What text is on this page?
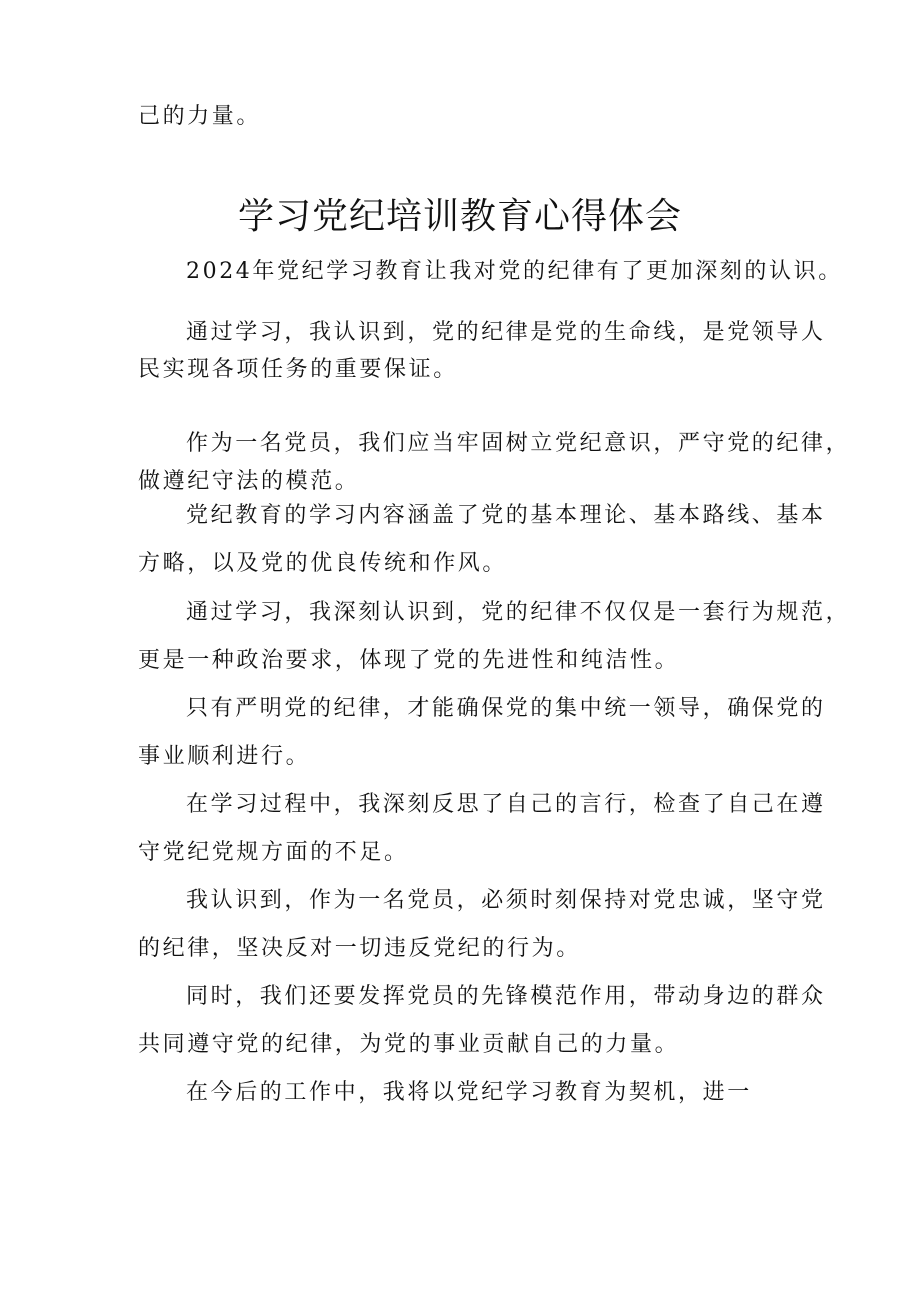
己的力量。

学习党纪培训教育心得体会

2024年党纪学习教育让我对党的纪律有了更加深刻的认识。

通过学习，我认识到，党的纪律是党的生命线，是党领导人

民实现各项任务的重要保证。

作为一名党员，我们应当牢固树立党纪意识，严守党的纪律，

做遵纪守法的模范。

党纪教育的学习内容涵盖了党的基本理论、基本路线、基本

方略，以及党的优良传统和作风。

通过学习，我深刻认识到，党的纪律不仅仅是一套行为规范，

更是一种政治要求，体现了党的先进性和纯洁性。

只有严明党的纪律，才能确保党的集中统一领导，确保党的

事业顺利进行。

在学习过程中，我深刻反思了自己的言行，检查了自己在遵

守党纪党规方面的不足。

我认识到，作为一名党员，必须时刻保持对党忠诚，坚守党

的纪律，坚决反对一切违反党纪的行为。

同时，我们还要发挥党员的先锋模范作用，带动身边的群众

共同遵守党的纪律，为党的事业贡献自己的力量。

在今后的工作中，我将以党纪学习教育为契机，进一
